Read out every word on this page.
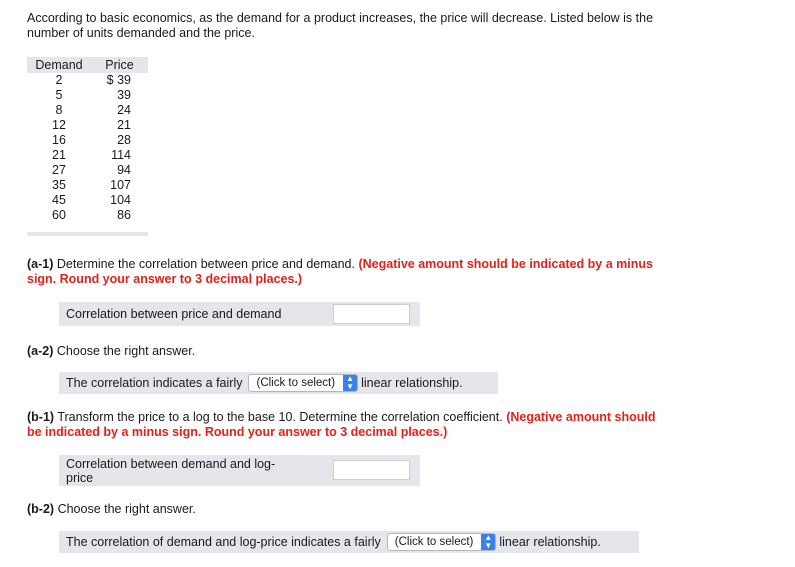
According to basic economics, as the demand for a product increases, the price will decrease. Listed below is the number of units demanded and the price.
Demand	Price
2	$ 39
5	39
8	24
12	21
16	28
21	114
27	94
35	107
45	104
60	86
(a-1) Determine the correlation between price and demand. (Negative amount should be indicated by a minus sign. Round your answer to 3 decimal places.)
Correlation between price and demand
(a-2) Choose the right answer.
The correlation indicates a fairly	(Click to select)	▲
▼ linear relationship.
(b-1) Transform the price to a log to the base 10. Determine the correlation coefficient. (Negative amount should be indicated by a minus sign. Round your answer to 3 decimal places.)
Correlation between demand and log-price
(b-2) Choose the right answer.
The correlation of demand and log-price indicates a fairly	(Click to select)	▲
▼ linear relationship.
